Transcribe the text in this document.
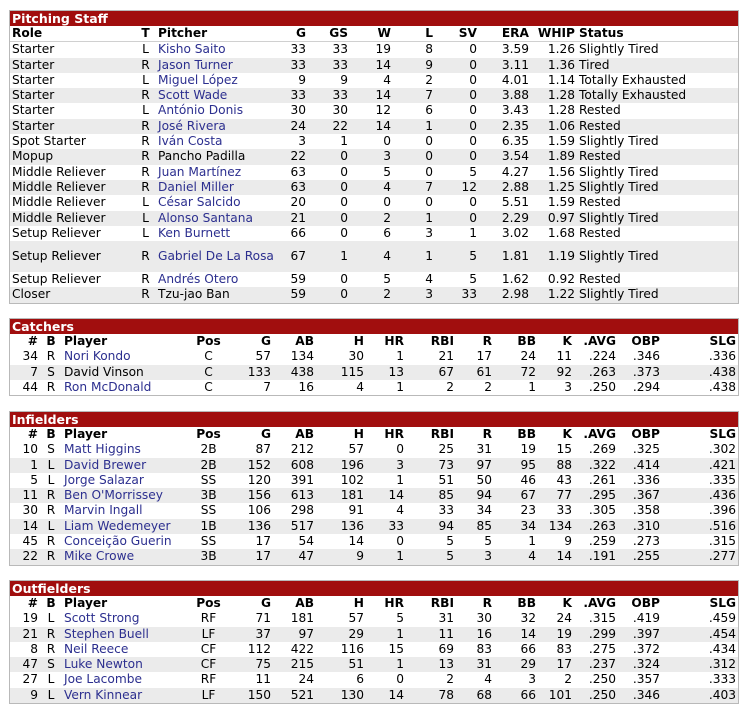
Pitching Staff
Role	T	Pitcher	G	GS	W	L	SV	ERA	WHIP	Status
Starter	L	Kisho Saito	33	33	19	8	0	3.59	1.26	Slightly Tired
Starter	R	Jason Turner	33	33	14	9	0	3.11	1.36	Tired
Starter	L	Miguel López	9	9	4	2	0	4.01	1.14	Totally Exhausted
Starter	R	Scott Wade	33	33	14	7	0	3.88	1.28	Totally Exhausted
Starter	L	António Donis	30	30	12	6	0	3.43	1.28	Rested
Starter	R	José Rivera	24	22	14	1	0	2.35	1.06	Rested
Spot Starter	R	Iván Costa	3	1	0	0	0	6.35	1.59	Slightly Tired
Mopup	R	Pancho Padilla	22	0	3	0	0	3.54	1.89	Rested
Middle Reliever	R	Juan Martínez	63	0	5	0	5	4.27	1.56	Slightly Tired
Middle Reliever	R	Daniel Miller	63	0	4	7	12	2.88	1.25	Slightly Tired
Middle Reliever	L	César Salcido	20	0	0	0	0	5.51	1.59	Rested
Middle Reliever	L	Alonso Santana	21	0	2	1	0	2.29	0.97	Slightly Tired
Setup Reliever	L	Ken Burnett	66	0	6	3	1	3.02	1.68	Rested
Setup Reliever	R	Gabriel De La Rosa	67	1	4	1	5	1.81	1.19	Slightly Tired
Setup Reliever	R	Andrés Otero	59	0	5	4	5	1.62	0.92	Rested
Closer	R	Tzu-jao Ban	59	0	2	3	33	2.98	1.22	Slightly Tired
Catchers
#	B	Player	Pos	G	AB	H	HR	RBI	R	BB	K	.AVG	OBP	SLG
34	R	Nori Kondo	C	57	134	30	1	21	17	24	11	.224	.346	.336
7	S	David Vinson	C	133	438	115	13	67	61	72	92	.263	.373	.438
44	R	Ron McDonald	C	7	16	4	1	2	2	1	3	.250	.294	.438
Infielders
#	B	Player	Pos	G	AB	H	HR	RBI	R	BB	K	.AVG	OBP	SLG
10	S	Matt Higgins	2B	87	212	57	0	25	31	19	15	.269	.325	.302
1	L	David Brewer	2B	152	608	196	3	73	97	95	88	.322	.414	.421
5	L	Jorge Salazar	SS	120	391	102	1	51	50	46	43	.261	.336	.335
11	R	Ben O'Morrissey	3B	156	613	181	14	85	94	67	77	.295	.367	.436
30	R	Marvin Ingall	SS	106	298	91	4	33	34	23	33	.305	.358	.396
14	L	Liam Wedemeyer	1B	136	517	136	33	94	85	34	134	.263	.310	.516
45	R	Conceição Guerin	SS	17	54	14	0	5	5	1	9	.259	.273	.315
22	R	Mike Crowe	3B	17	47	9	1	5	3	4	14	.191	.255	.277
Outfielders
#	B	Player	Pos	G	AB	H	HR	RBI	R	BB	K	.AVG	OBP	SLG
19	L	Scott Strong	RF	71	181	57	5	31	30	32	24	.315	.419	.459
21	R	Stephen Buell	LF	37	97	29	1	11	16	14	19	.299	.397	.454
8	R	Neil Reece	CF	112	422	116	15	69	83	66	83	.275	.372	.434
47	S	Luke Newton	CF	75	215	51	1	13	31	29	17	.237	.324	.312
27	L	Joe Lacombe	RF	11	24	6	0	2	4	3	2	.250	.357	.333
9	L	Vern Kinnear	LF	150	521	130	14	78	68	66	101	.250	.346	.403
